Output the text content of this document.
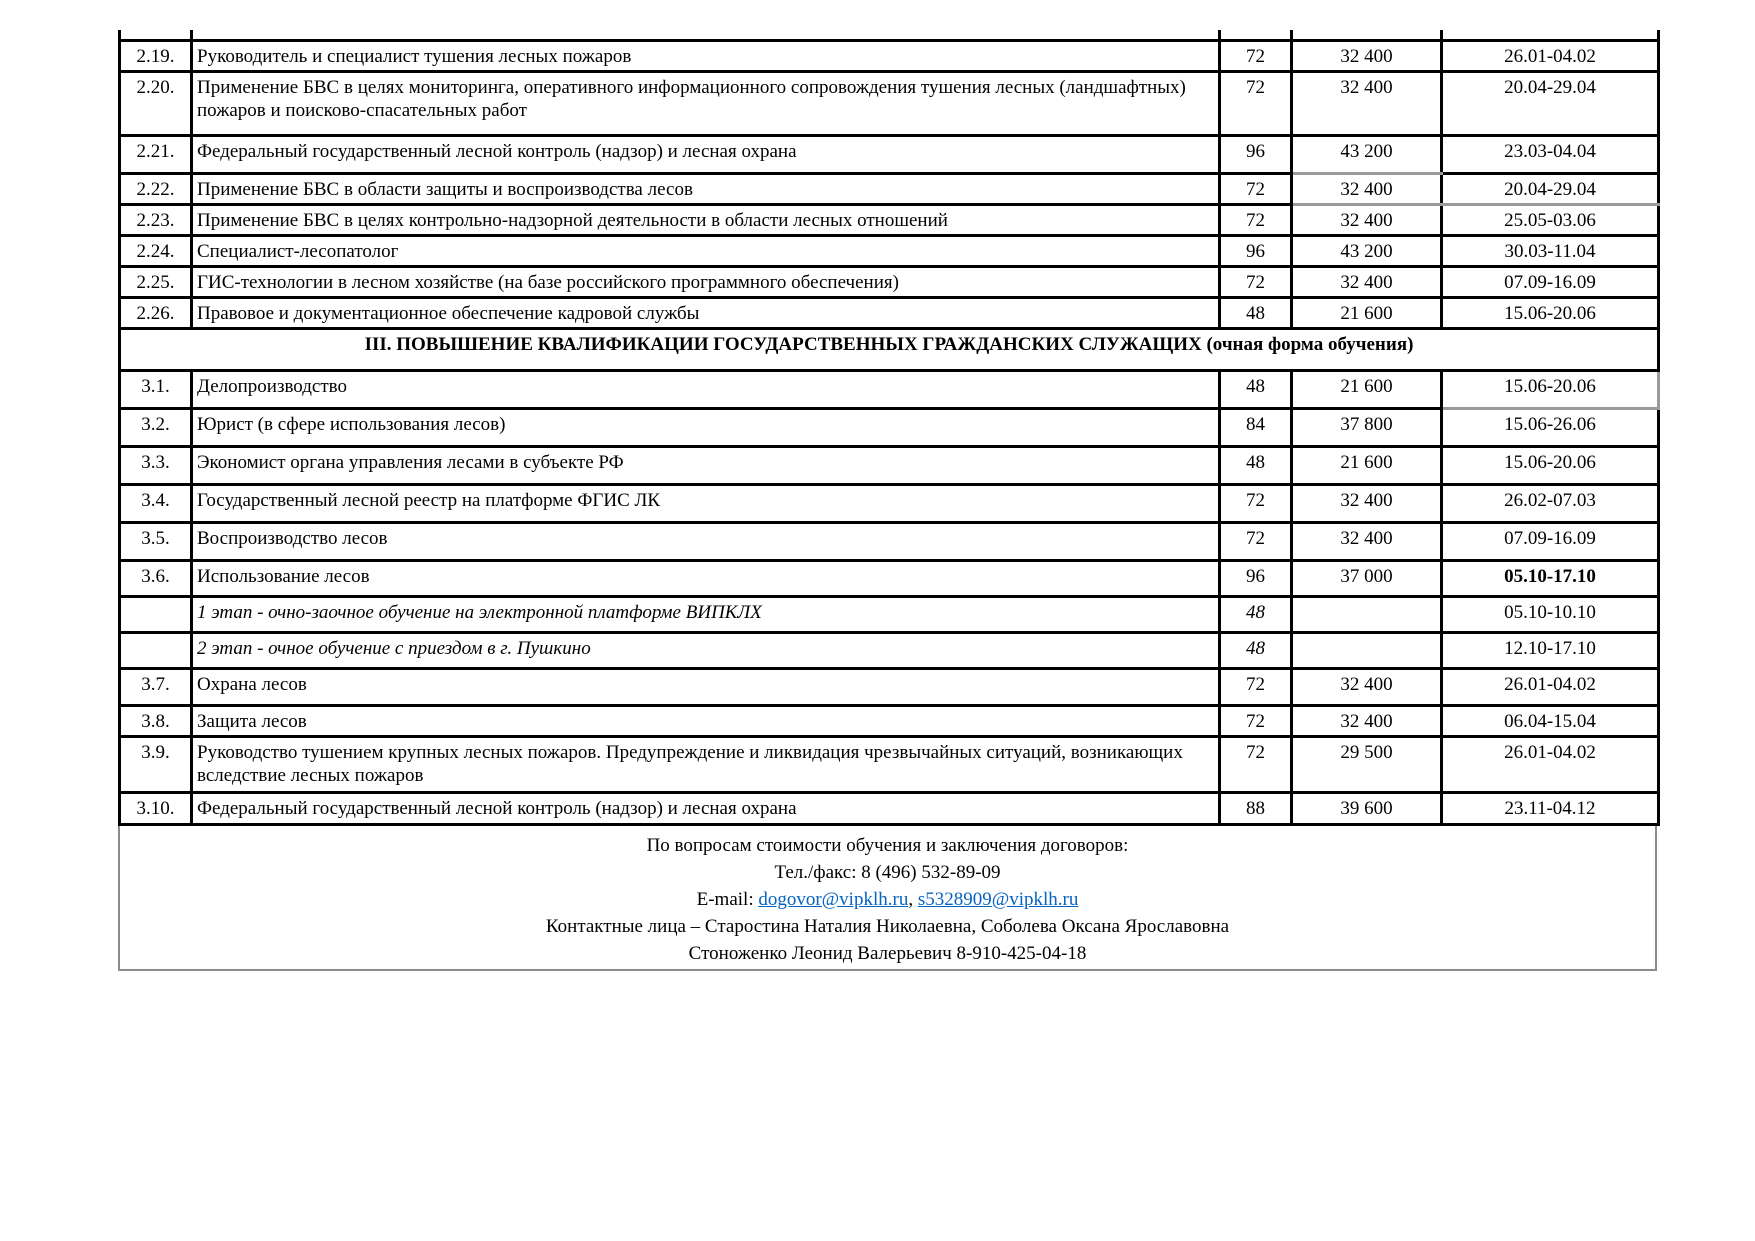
2.19.	Руководитель и специалист тушения лесных пожаров	72	32 400	26.01-04.02
2.20.	Применение БВС в целях мониторинга, оперативного информационного сопровождения тушения лесных (ландшафтных) пожаров и поисково-спасательных работ	72	32 400	20.04-29.04
2.21.	Федеральный государственный лесной контроль (надзор) и лесная охрана	96	43 200	23.03-04.04
2.22.	Применение БВС в области защиты и воспроизводства лесов	72	32 400	20.04-29.04
2.23.	Применение БВС в целях контрольно-надзорной деятельности в области лесных отношений	72	32 400	25.05-03.06
2.24.	Специалист-лесопатолог	96	43 200	30.03-11.04
2.25.	ГИС-технологии в лесном хозяйстве (на базе российского программного обеспечения)	72	32 400	07.09-16.09
2.26.	Правовое и документационное обеспечение кадровой службы	48	21 600	15.06-20.06
III. ПОВЫШЕНИЕ КВАЛИФИКАЦИИ ГОСУДАРСТВЕННЫХ ГРАЖДАНСКИХ СЛУЖАЩИХ (очная форма обучения)				
3.1.	Делопроизводство	48	21 600	15.06-20.06
3.2.	Юрист (в сфере использования лесов)	84	37 800	15.06-26.06
3.3.	Экономист органа управления лесами в субъекте РФ	48	21 600	15.06-20.06
3.4.	Государственный лесной реестр на платформе ФГИС ЛК	72	32 400	26.02-07.03
3.5.	Воспроизводство лесов	72	32 400	07.09-16.09
3.6.	Использование лесов	96	37 000	05.10-17.10
	1 этап - очно-заочное обучение на электронной платформе ВИПКЛХ	48		05.10-10.10
	2 этап - очное обучение с приездом в г. Пушкино	48		12.10-17.10
3.7.	Охрана лесов	72	32 400	26.01-04.02
3.8.	Защита лесов	72	32 400	06.04-15.04
3.9.	Руководство тушением крупных лесных пожаров. Предупреждение и ликвидация чрезвычайных ситуаций, возникающих вследствие лесных пожаров	72	29 500	26.01-04.02
3.10.	Федеральный государственный лесной контроль (надзор) и лесная охрана	88	39 600	23.11-04.12
По вопросам стоимости обучения и заключения договоров:
Тел./факс: 8 (496) 532-89-09
E-mail: dogovor@vipklh.ru, s5328909@vipklh.ru
Контактные лица – Старостина Наталия Николаевна, Соболева Оксана Ярославовна
Стоноженко Леонид Валерьевич 8-910-425-04-18
